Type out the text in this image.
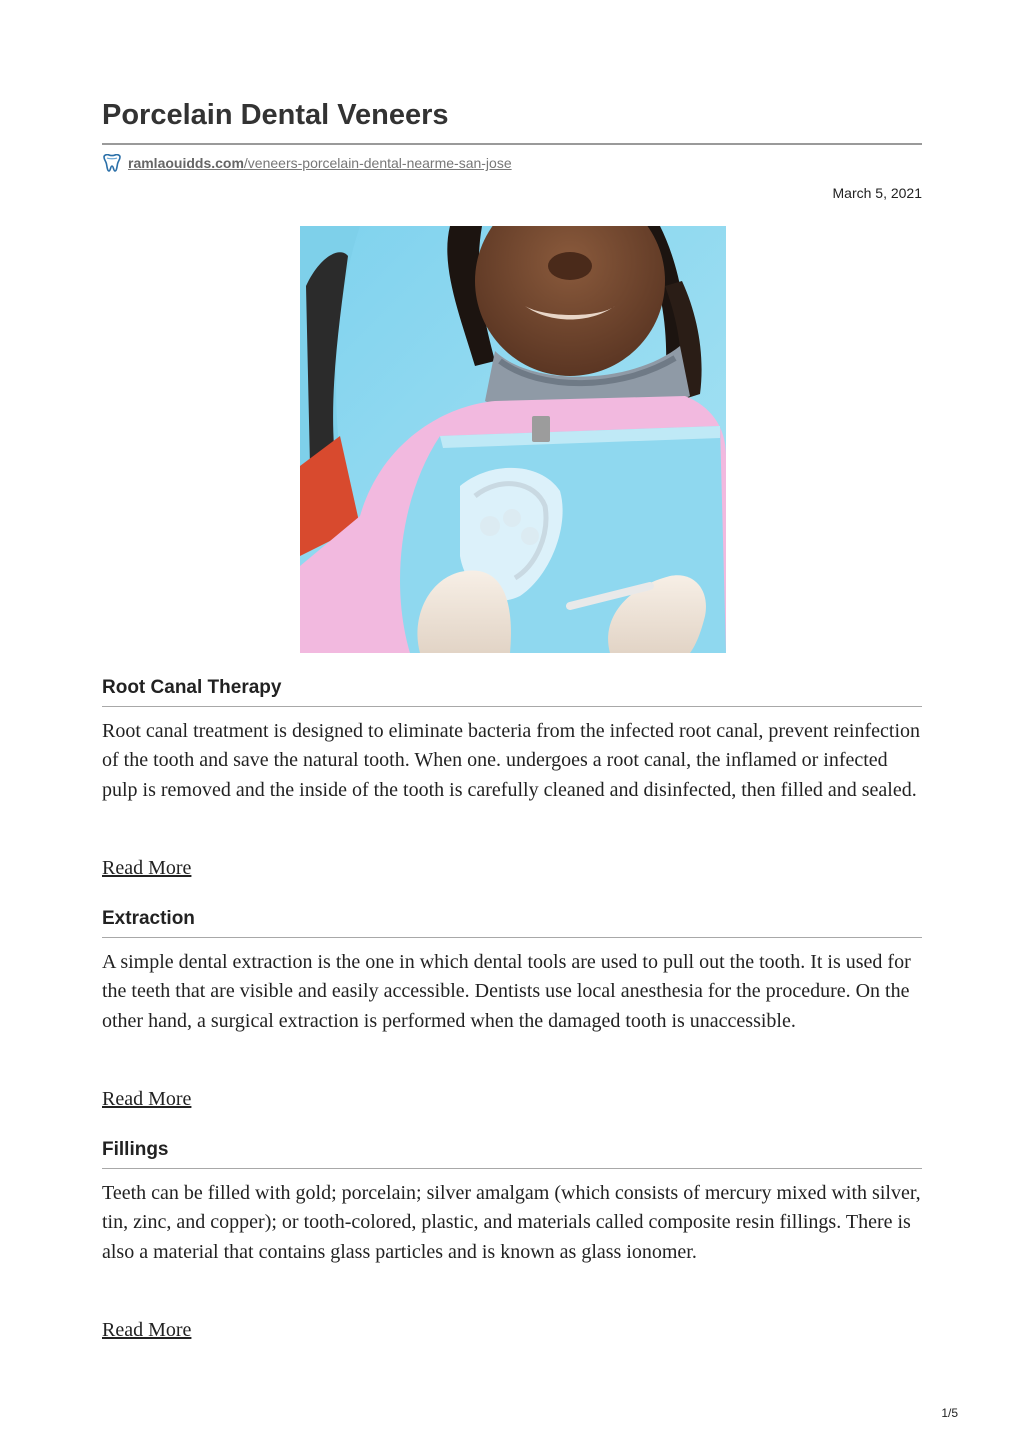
Porcelain Dental Veneers
ramlaouidds.com/veneers-porcelain-dental-nearme-san-jose
March 5, 2021
Root Canal Therapy

Root canal treatment is designed to eliminate bacteria from the infected root canal, prevent reinfection of the tooth and save the natural tooth. When one. undergoes a root canal, the inflamed or infected pulp is removed and the inside of the tooth is carefully cleaned and disinfected, then filled and sealed.

Read More
Extraction

A simple dental extraction is the one in which dental tools are used to pull out the tooth. It is used for the teeth that are visible and easily accessible. Dentists use local anesthesia for the procedure. On the other hand, a surgical extraction is performed when the damaged tooth is unaccessible.

Read More
Fillings

Teeth can be filled with gold; porcelain; silver amalgam (which consists of mercury mixed with silver, tin, zinc, and copper); or tooth-colored, plastic, and materials called composite resin fillings. There is also a material that contains glass particles and is known as glass ionomer.

Read More
1/5
